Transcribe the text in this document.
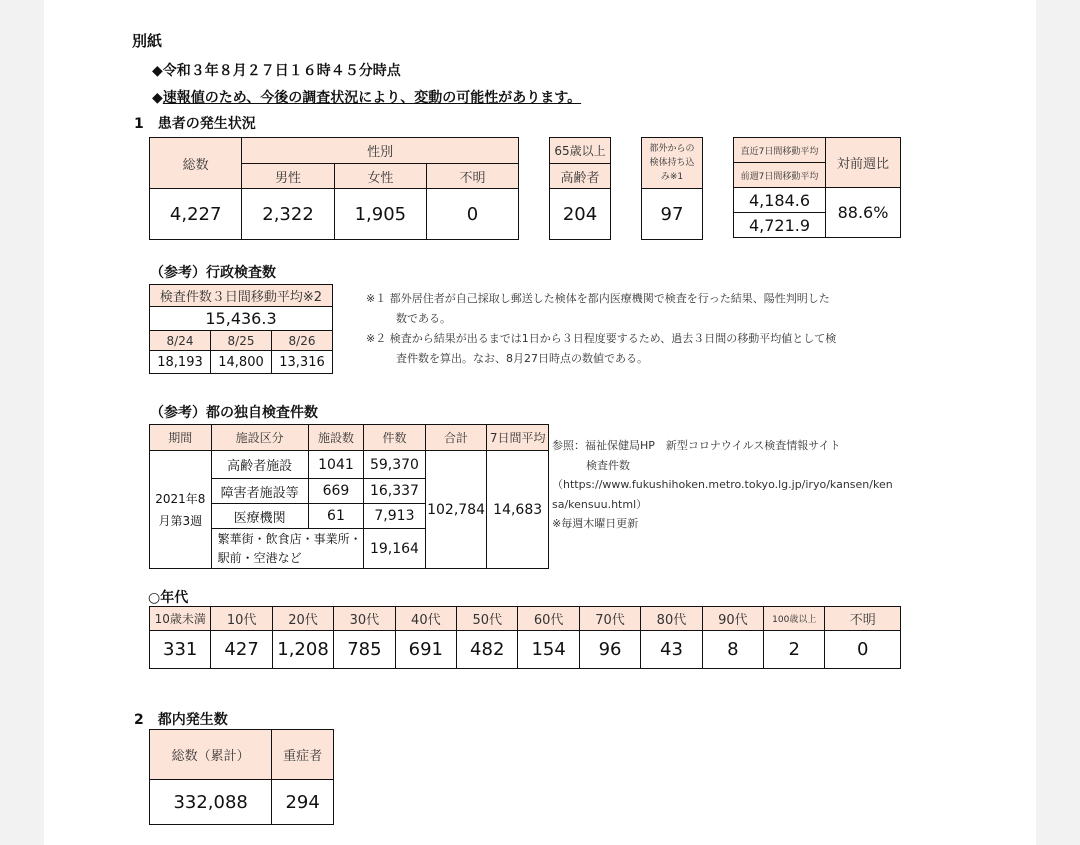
別紙
◆令和３年８月２７日１６時４５分時点
◆速報値のため、今後の調査状況により、変動の可能性があります。
1　患者の発生状況
総数	性別		
	男性	女性	不明
4,227	2,322	1,905	0
65歳以上
高齢者
204
都外からの
検体持ち込
み※1

97
直近7日間移動平均	対前週比
前週7日間移動平均	
4,184.6	88.6%
4,721.9	
（参考）行政検査数
検査件数３日間移動平均※2		
15,436.3		
8/24	8/25	8/26
18,193	14,800	13,316
※１ 都外居住者が自己採取し郵送した検体を都内医療機関で検査を行った結果、陽性判明した
数である。
※２ 検査から結果が出るまでは1日から３日程度要するため、過去３日間の移動平均値として検
査件数を算出。なお、8月27日時点の数値である。
（参考）都の独自検査件数
期間	施設区分	施設数	件数	合計	7日間平均

2021年8
月第3週	高齢者施設	1041	59,370	102,784	14,683
	障害者施設等	669	16,337		
	医療機関	61	7,913		

	繁華街・飲食店・事業所・
駅前・空港など		19,164		
参照：福祉保健局HP　新型コロナウイルス検査情報サイト
検査件数
（https://www.fukushihoken.metro.tokyo.lg.jp/iryo/kansen/ken
sa/kensuu.html）
※毎週木曜日更新
○年代
10歳未満	10代	20代	30代	40代	50代	60代	70代	80代	90代	100歳以上	不明
331	427	1,208	785	691	482	154	96	43	8	2	0
2　都内発生数
総数（累計）	重症者
332,088	294
